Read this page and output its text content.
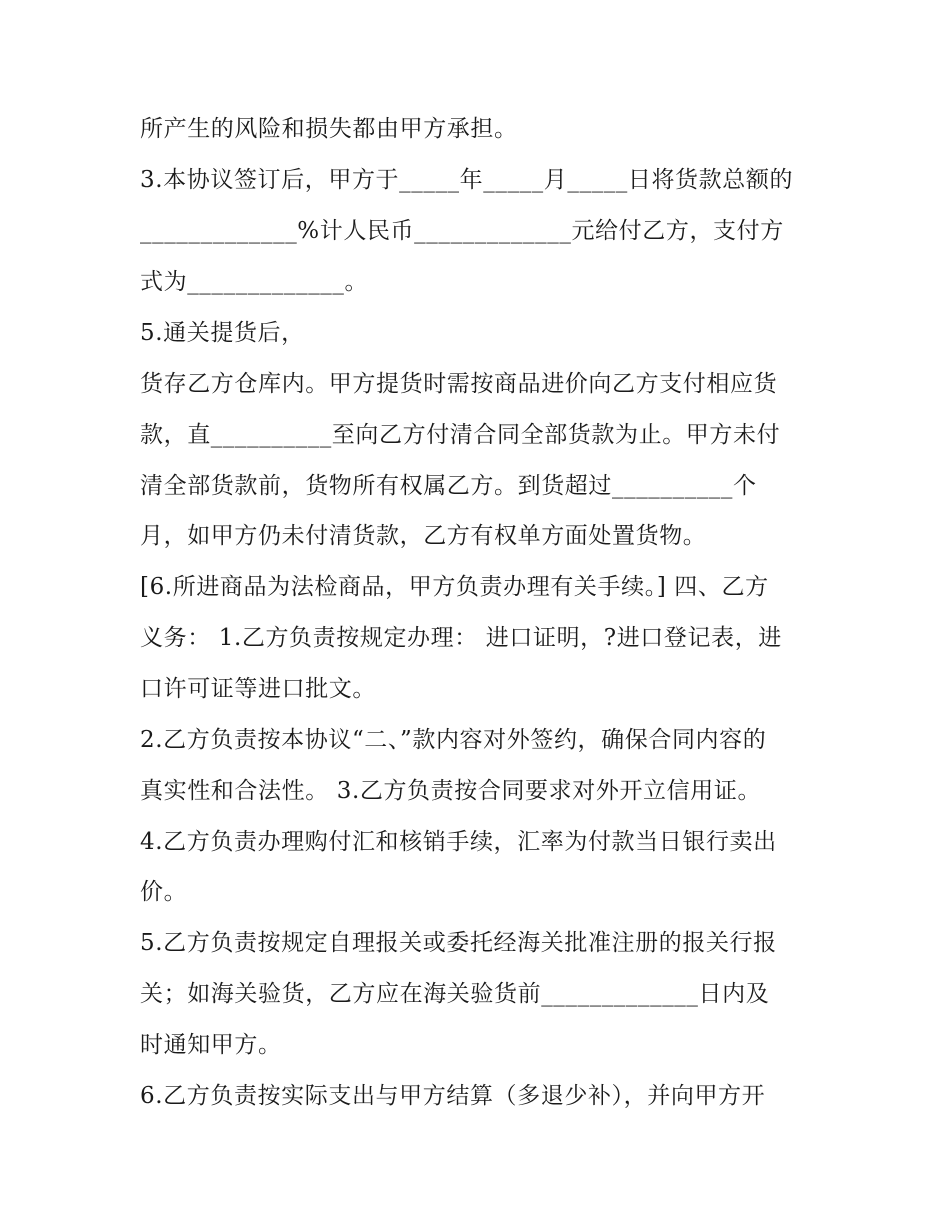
所产生的风险和损失都由甲方承担。
3.本协议签订后，甲方于_____年_____月_____日将货款总额的
_____________%计人民币_____________元给付乙方，支付方
式为_____________。
5.通关提货后，
货存乙方仓库内。甲方提货时需按商品进价向乙方支付相应货
款，直__________至向乙方付清合同全部货款为止。甲方未付
清全部货款前，货物所有权属乙方。到货超过__________个
月，如甲方仍未付清货款，乙方有权单方面处置货物。
[6.所进商品为法检商品，甲方负责办理有关手续。] 四、乙方
义务： 1.乙方负责按规定办理： 进口证明，?进口登记表，进
口许可证等进口批文。
2.乙方负责按本协议“二、”款内容对外签约，确保合同内容的
真实性和合法性。 3.乙方负责按合同要求对外开立信用证。
4.乙方负责办理购付汇和核销手续，汇率为付款当日银行卖出
价。
5.乙方负责按规定自理报关或委托经海关批准注册的报关行报
关；如海关验货，乙方应在海关验货前_____________日内及
时通知甲方。
6.乙方负责按实际支出与甲方结算（多退少补），并向甲方开
